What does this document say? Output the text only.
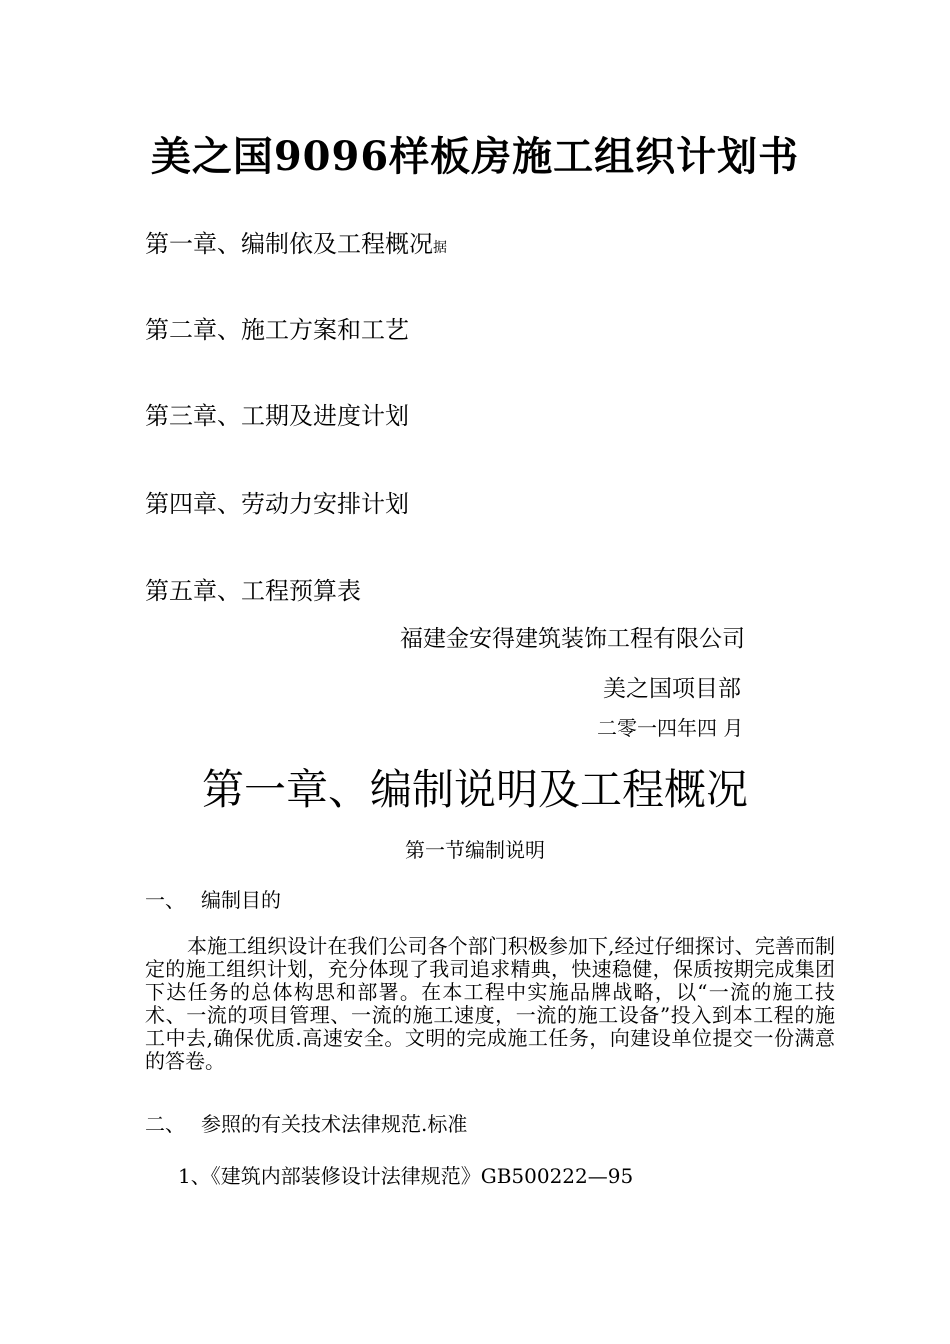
美之国9096样板房施工组织计划书
第一章、编制依及工程概况据
第二章、施工方案和工艺
第三章、工期及进度计划
第四章、劳动力安排计划
第五章、工程预算表
福建金安得建筑装饰工程有限公司
美之国项目部
二零一四年四 月
第一章、编制说明及工程概况
第一节编制说明
一、 编制目的
本施工组织设计在我们公司各个部门积极参加下,经过仔细探讨、完善而制定的施工组织计划，充分体现了我司追求精典，快速稳健，保质按期完成集团下达任务的总体构思和部署。在本工程中实施品牌战略，以“一流的施工技术、一流的项目管理、一流的施工速度，一流的施工设备”投入到本工程的施工中去,确保优质.高速安全。文明的完成施工任务，向建设单位提交一份满意的答卷。
二、 参照的有关技术法律规范.标准
1、《建筑内部装修设计法律规范》GB500222—95
